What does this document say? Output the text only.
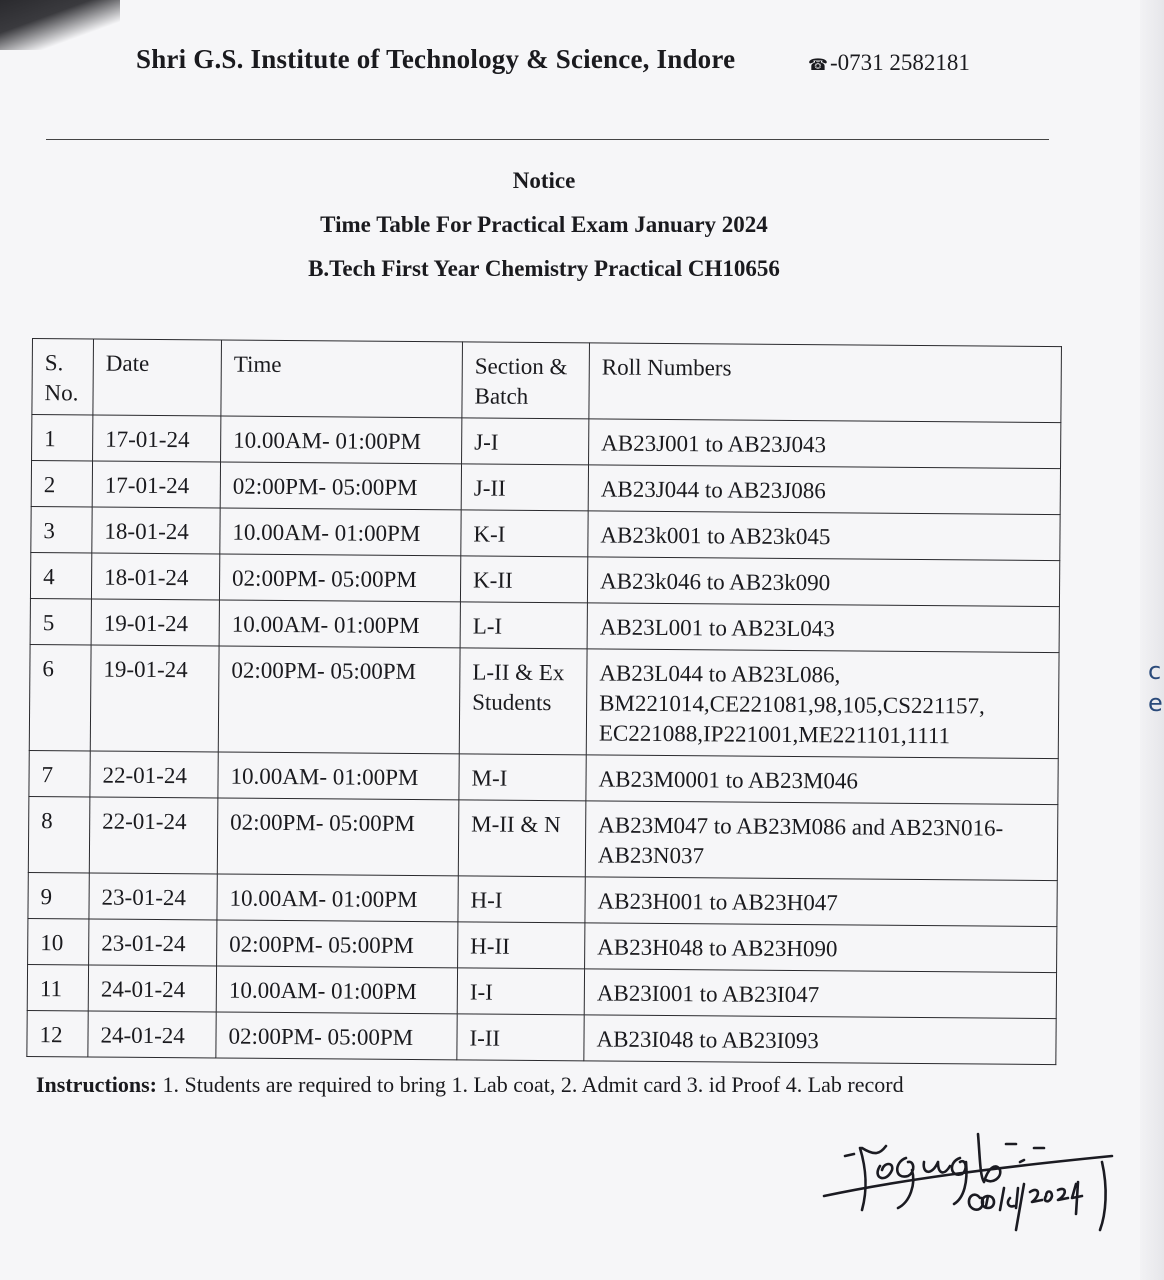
Shri G.S. Institute of Technology & Science, Indore	☎-0731 2582181
Notice
Time Table For Practical Exam January 2024
B.Tech First Year Chemistry Practical CH10656
S. No.	Date	Time	Section & Batch	Roll Numbers
1	17-01-24	10.00AM- 01:00PM	J-I	AB23J001 to AB23J043
2	17-01-24	02:00PM- 05:00PM	J-II	AB23J044 to AB23J086
3	18-01-24	10.00AM- 01:00PM	K-I	AB23k001 to AB23k045
4	18-01-24	02:00PM- 05:00PM	K-II	AB23k046 to AB23k090
5	19-01-24	10.00AM- 01:00PM	L-I	AB23L001 to AB23L043
6	19-01-24	02:00PM- 05:00PM	L-II & Ex Students	AB23L044 to AB23L086, BM221014,CE221081,98,105,CS221157, EC221088,IP221001,ME221101,1111
7	22-01-24	10.00AM- 01:00PM	M-I	AB23M0001 to AB23M046
8	22-01-24	02:00PM- 05:00PM	M-II & N	AB23M047 to AB23M086 and AB23N016-AB23N037
9	23-01-24	10.00AM- 01:00PM	H-I	AB23H001 to AB23H047
10	23-01-24	02:00PM- 05:00PM	H-II	AB23H048 to AB23H090
11	24-01-24	10.00AM- 01:00PM	I-I	AB23I001 to AB23I047
12	24-01-24	02:00PM- 05:00PM	I-II	AB23I048 to AB23I093
Instructions: 1. Students are required to bring 1. Lab coat, 2. Admit card 3. id Proof 4. Lab record
c
e
